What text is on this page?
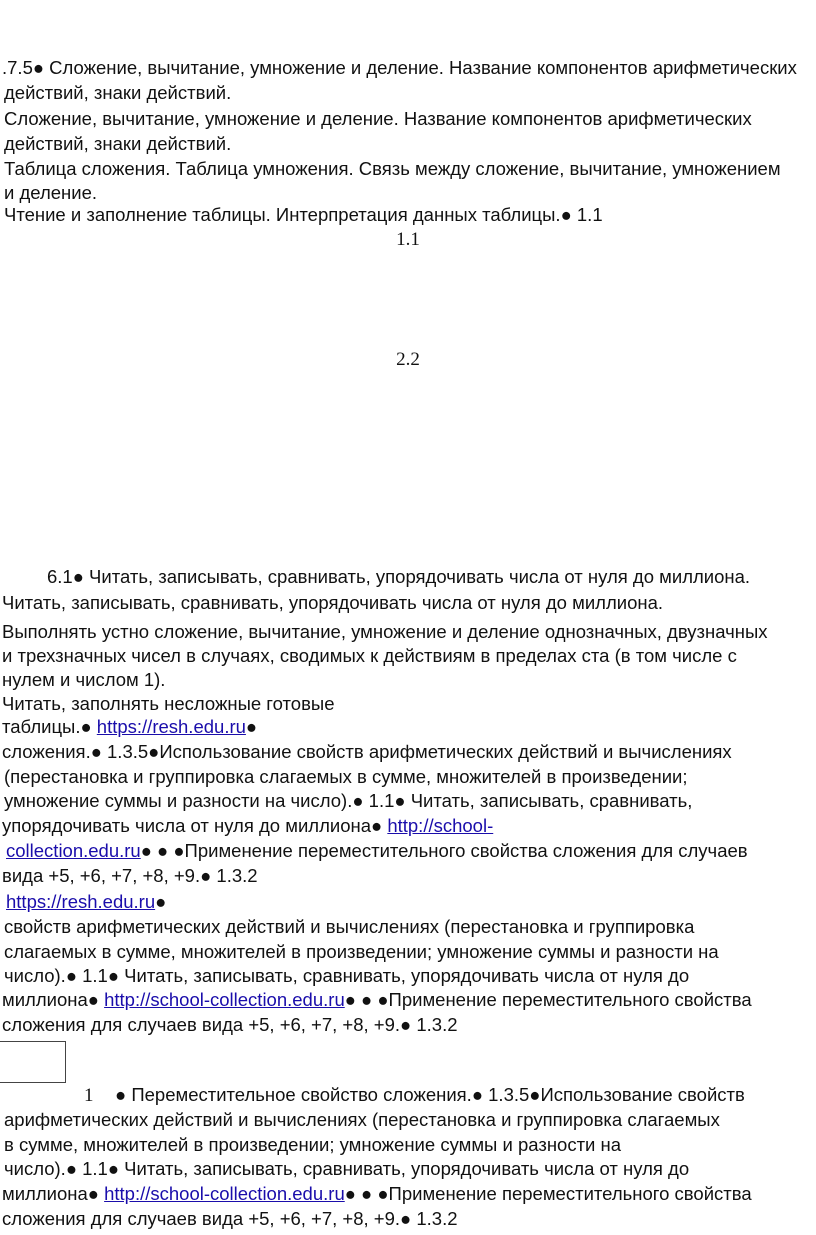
.7.5● Сложение, вычитание, умножение и деление. Название компонентов арифметических
действий, знаки действий.
Сложение, вычитание, умножение и деление. Название компонентов арифметических
действий, знаки действий.
Таблица сложения. Таблица умножения. Связь между сложение, вычитание, умножением
и деление.
Чтение и заполнение таблицы. Интерпретация данных таблицы.● 1.1
1.1
2.2
6.1● Читать, записывать, сравнивать, упорядочивать числа от нуля до миллиона.
Читать, записывать, сравнивать, упорядочивать числа от нуля до миллиона.
Выполнять устно сложение, вычитание, умножение и деление однозначных, двузначных
и трехзначных чисел в случаях, сводимых к действиям в пределах ста (в том числе с
нулем и числом 1).
Читать, заполнять несложные готовые
таблицы.● https://resh.edu.ru●
сложения.● 1.3.5●Использование свойств арифметических действий и вычислениях
(перестановка и группировка слагаемых в сумме, множителей в произведении;
умножение суммы и разности на число).● 1.1● Читать, записывать, сравнивать,
упорядочивать числа от нуля до миллиона● http://school-
collection.edu.ru● ● ●Применение переместительного свойства сложения для случаев
вида +5, +6, +7, +8, +9.● 1.3.2
https://resh.edu.ru●
свойств арифметических действий и вычислениях (перестановка и группировка
слагаемых в сумме, множителей в произведении; умножение суммы и разности на
число).● 1.1● Читать, записывать, сравнивать, упорядочивать числа от нуля до
миллиона● http://school-collection.edu.ru● ● ●Применение переместительного свойства
сложения для случаев вида +5, +6, +7, +8, +9.● 1.3.2
1 ● Переместительное свойство сложения.● 1.3.5●Использование свойств
арифметических действий и вычислениях (перестановка и группировка слагаемых
в сумме, множителей в произведении; умножение суммы и разности на
число).● 1.1● Читать, записывать, сравнивать, упорядочивать числа от нуля до
миллиона● http://school-collection.edu.ru● ● ●Применение переместительного свойства
сложения для случаев вида +5, +6, +7, +8, +9.● 1.3.2
